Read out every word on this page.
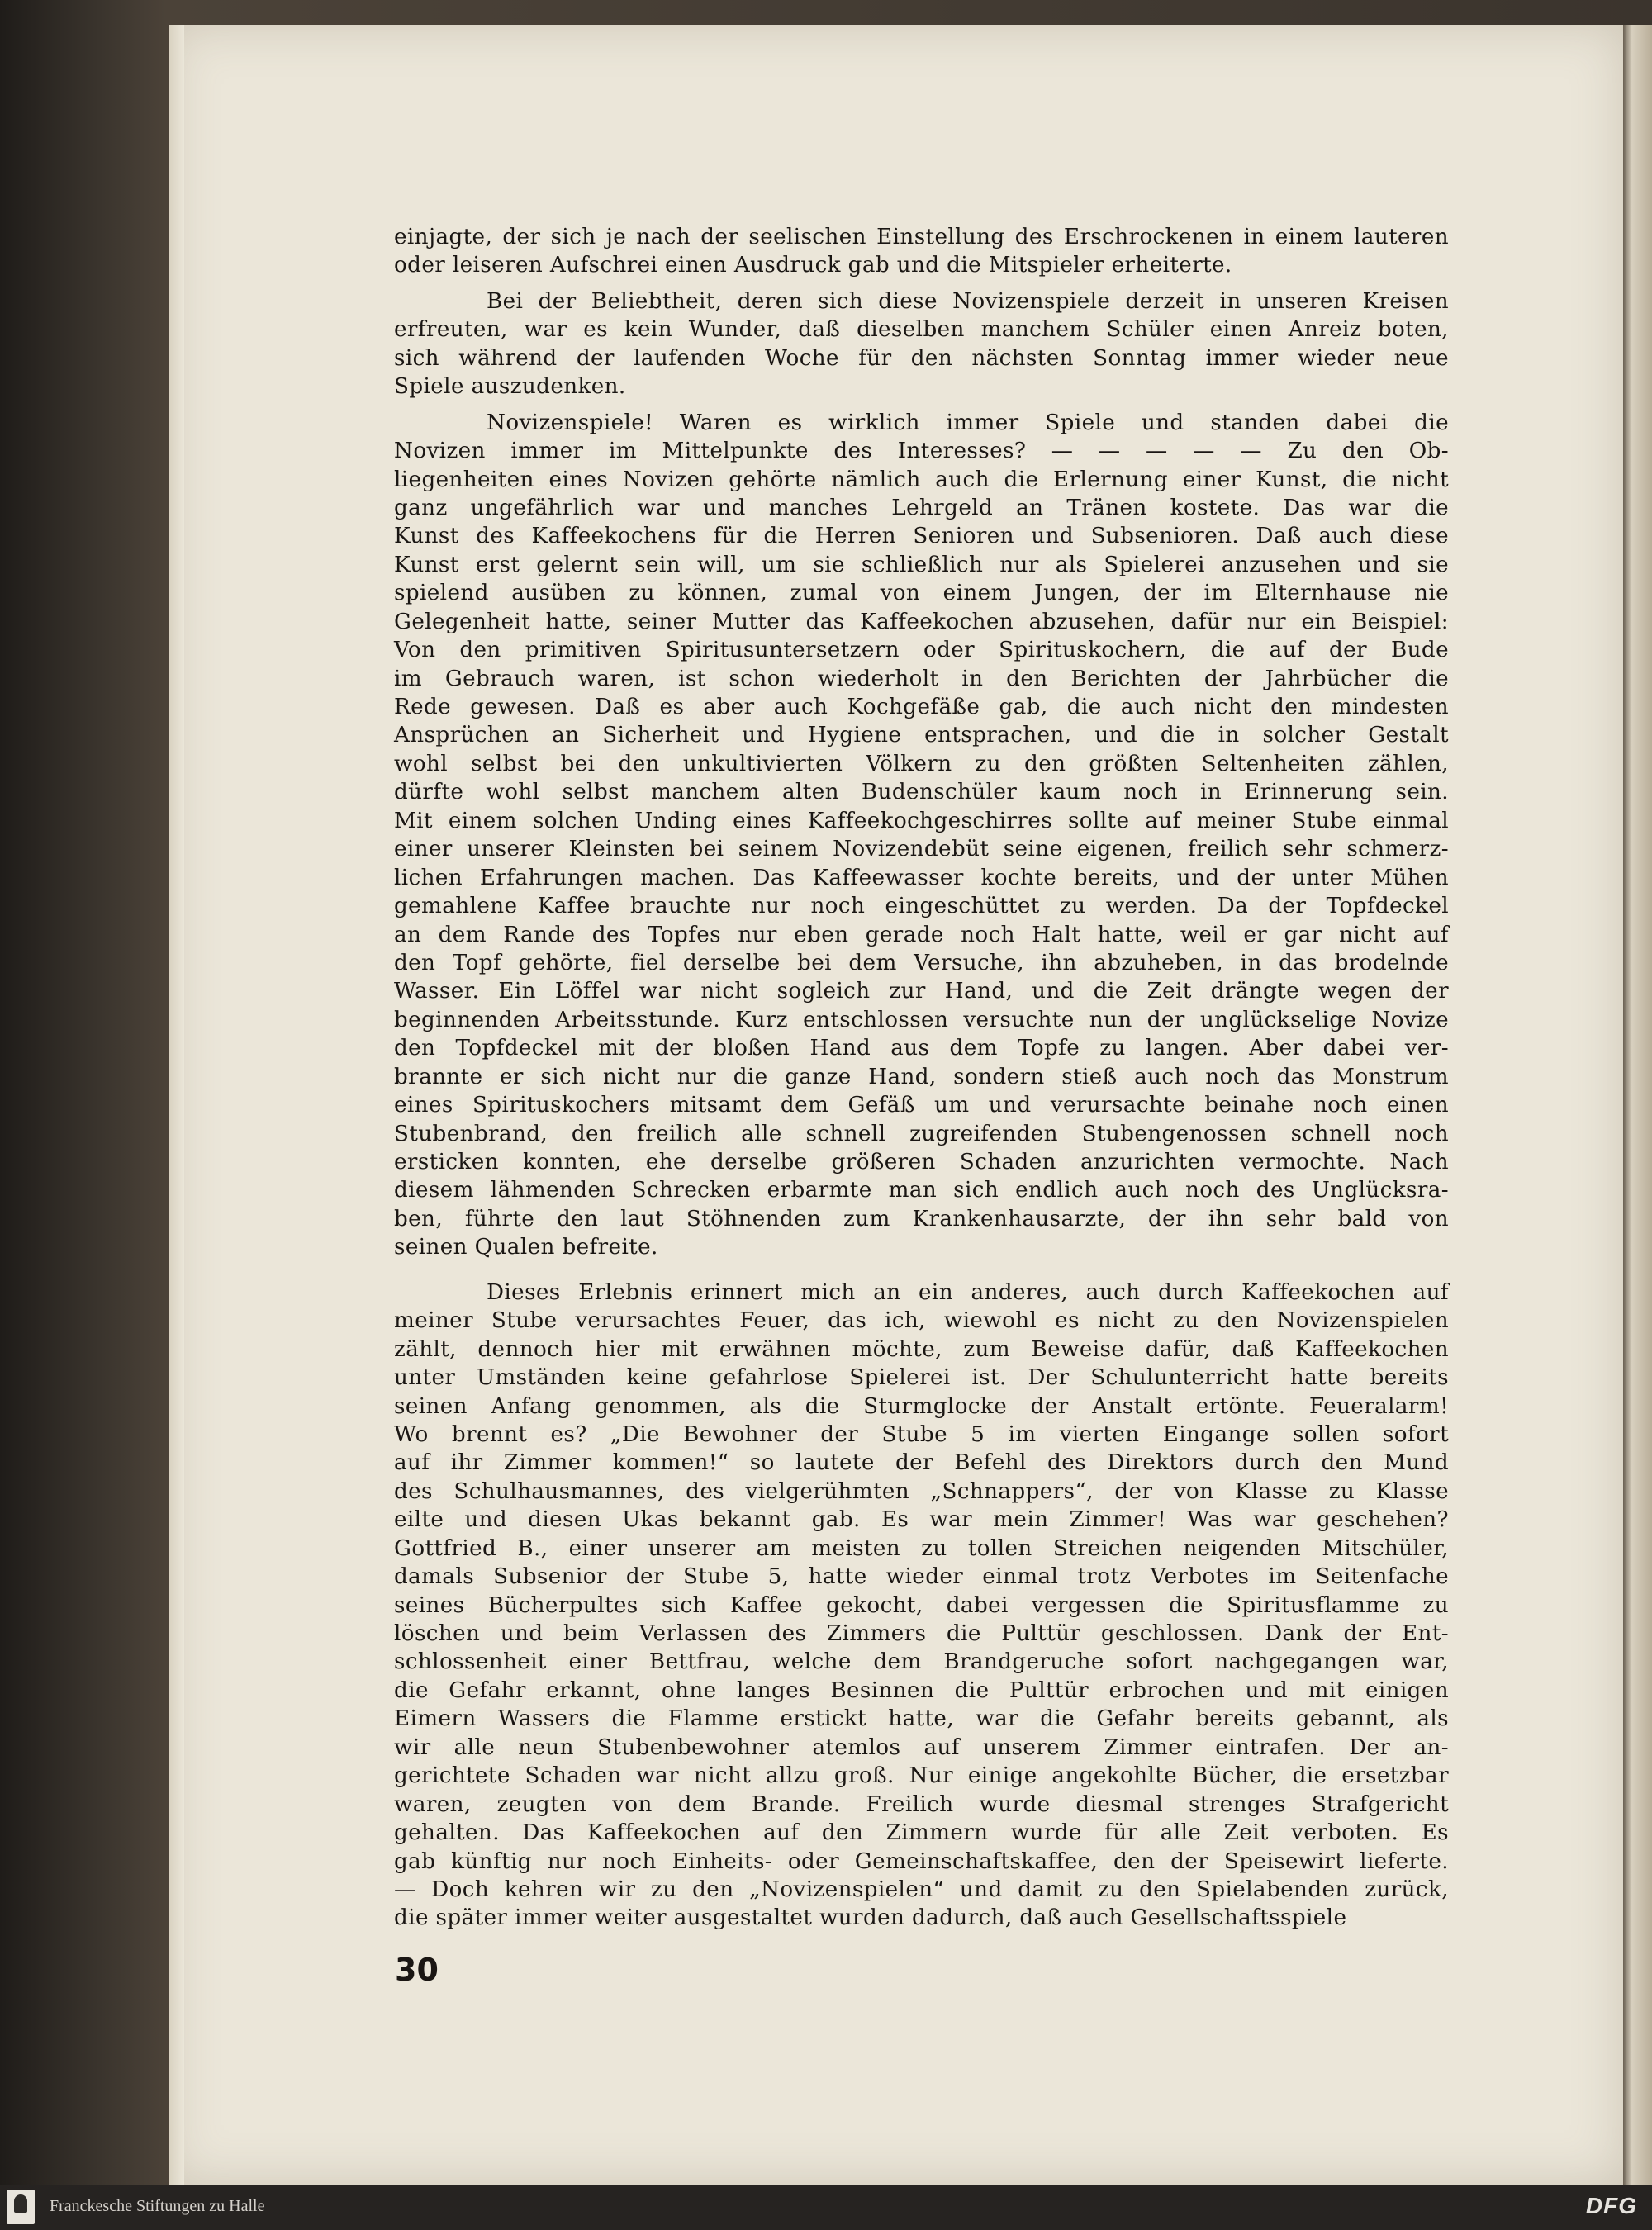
einjagte, der sich je nach der seelischen Einstellung des Erschrockenen in einem lauteren
oder leiseren Aufschrei einen Ausdruck gab und die Mitspieler erheiterte.
Bei der Beliebtheit, deren sich diese Novizenspiele derzeit in unseren Kreisen
erfreuten, war es kein Wunder, daß dieselben manchem Schüler einen Anreiz boten,
sich während der laufenden Woche für den nächsten Sonntag immer wieder neue
Spiele auszudenken.
Novizenspiele! Waren es wirklich immer Spiele und standen dabei die
Novizen immer im Mittelpunkte des Interesses? — — — — — Zu den Ob-
liegenheiten eines Novizen gehörte nämlich auch die Erlernung einer Kunst, die nicht
ganz ungefährlich war und manches Lehrgeld an Tränen kostete. Das war die
Kunst des Kaffeekochens für die Herren Senioren und Subsenioren. Daß auch diese
Kunst erst gelernt sein will, um sie schließlich nur als Spielerei anzusehen und sie
spielend ausüben zu können, zumal von einem Jungen, der im Elternhause nie
Gelegenheit hatte, seiner Mutter das Kaffeekochen abzusehen, dafür nur ein Beispiel:
Von den primitiven Spiritusuntersetzern oder Spirituskochern, die auf der Bude
im Gebrauch waren, ist schon wiederholt in den Berichten der Jahrbücher die
Rede gewesen. Daß es aber auch Kochgefäße gab, die auch nicht den mindesten
Ansprüchen an Sicherheit und Hygiene entsprachen, und die in solcher Gestalt
wohl selbst bei den unkultivierten Völkern zu den größten Seltenheiten zählen,
dürfte wohl selbst manchem alten Budenschüler kaum noch in Erinnerung sein.
Mit einem solchen Unding eines Kaffeekochgeschirres sollte auf meiner Stube einmal
einer unserer Kleinsten bei seinem Novizendebüt seine eigenen, freilich sehr schmerz-
lichen Erfahrungen machen. Das Kaffeewasser kochte bereits, und der unter Mühen
gemahlene Kaffee brauchte nur noch eingeschüttet zu werden. Da der Topfdeckel
an dem Rande des Topfes nur eben gerade noch Halt hatte, weil er gar nicht auf
den Topf gehörte, fiel derselbe bei dem Versuche, ihn abzuheben, in das brodelnde
Wasser. Ein Löffel war nicht sogleich zur Hand, und die Zeit drängte wegen der
beginnenden Arbeitsstunde. Kurz entschlossen versuchte nun der unglückselige Novize
den Topfdeckel mit der bloßen Hand aus dem Topfe zu langen. Aber dabei ver-
brannte er sich nicht nur die ganze Hand, sondern stieß auch noch das Monstrum
eines Spirituskochers mitsamt dem Gefäß um und verursachte beinahe noch einen
Stubenbrand, den freilich alle schnell zugreifenden Stubengenossen schnell noch
ersticken konnten, ehe derselbe größeren Schaden anzurichten vermochte. Nach
diesem lähmenden Schrecken erbarmte man sich endlich auch noch des Unglücksra-
ben, führte den laut Stöhnenden zum Krankenhausarzte, der ihn sehr bald von
seinen Qualen befreite.
Dieses Erlebnis erinnert mich an ein anderes, auch durch Kaffeekochen auf
meiner Stube verursachtes Feuer, das ich, wiewohl es nicht zu den Novizenspielen
zählt, dennoch hier mit erwähnen möchte, zum Beweise dafür, daß Kaffeekochen
unter Umständen keine gefahrlose Spielerei ist. Der Schulunterricht hatte bereits
seinen Anfang genommen, als die Sturmglocke der Anstalt ertönte. Feueralarm!
Wo brennt es? „Die Bewohner der Stube 5 im vierten Eingange sollen sofort
auf ihr Zimmer kommen!“ so lautete der Befehl des Direktors durch den Mund
des Schulhausmannes, des vielgerühmten „Schnappers“, der von Klasse zu Klasse
eilte und diesen Ukas bekannt gab. Es war mein Zimmer! Was war geschehen?
Gottfried B., einer unserer am meisten zu tollen Streichen neigenden Mitschüler,
damals Subsenior der Stube 5, hatte wieder einmal trotz Verbotes im Seitenfache
seines Bücherpultes sich Kaffee gekocht, dabei vergessen die Spiritusflamme zu
löschen und beim Verlassen des Zimmers die Pulttür geschlossen. Dank der Ent-
schlossenheit einer Bettfrau, welche dem Brandgeruche sofort nachgegangen war,
die Gefahr erkannt, ohne langes Besinnen die Pulttür erbrochen und mit einigen
Eimern Wassers die Flamme erstickt hatte, war die Gefahr bereits gebannt, als
wir alle neun Stubenbewohner atemlos auf unserem Zimmer eintrafen. Der an-
gerichtete Schaden war nicht allzu groß. Nur einige angekohlte Bücher, die ersetzbar
waren, zeugten von dem Brande. Freilich wurde diesmal strenges Strafgericht
gehalten. Das Kaffeekochen auf den Zimmern wurde für alle Zeit verboten. Es
gab künftig nur noch Einheits- oder Gemeinschaftskaffee, den der Speisewirt lieferte.
— Doch kehren wir zu den „Novizenspielen“ und damit zu den Spielabenden zurück,
die später immer weiter ausgestaltet wurden dadurch, daß auch Gesellschaftsspiele
30
Franckesche Stiftungen zu Halle	DFG
